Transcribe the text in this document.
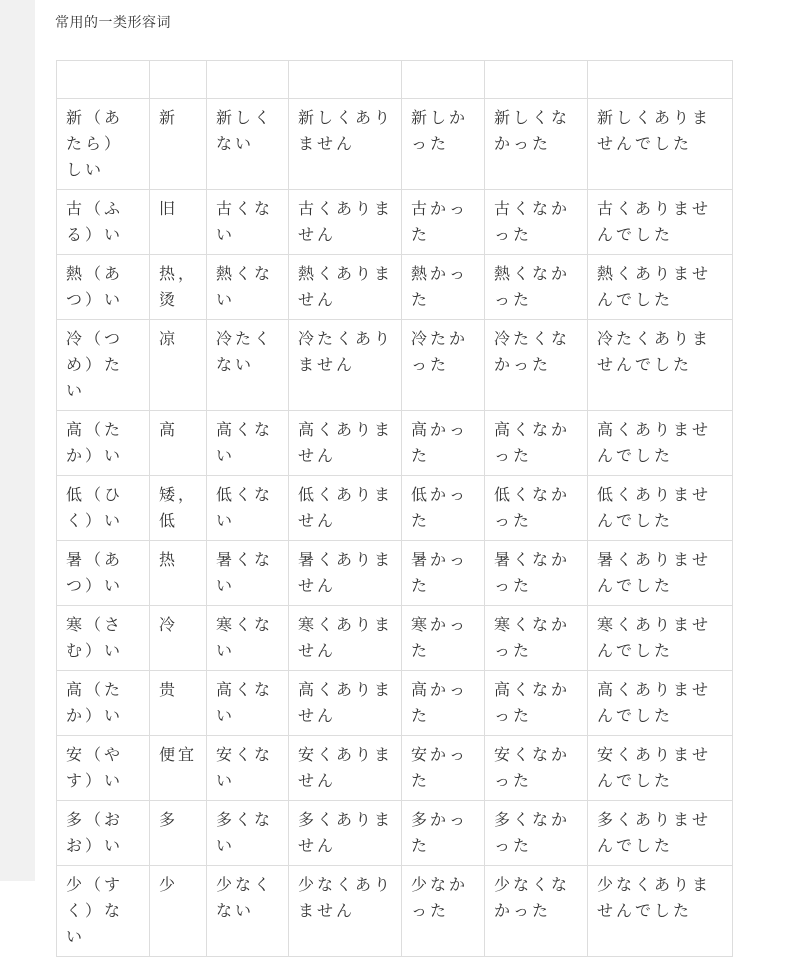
常用的一类形容词

新（あたら）しい	新	新しくない	新しくありません	新しかった	新しくなかった	新しくありませんでした
古（ふる）い	旧	古くない	古くありません	古かった	古くなかった	古くありませんでした
熱（あつ）い	热，烫	熱くない	熱くありません	熱かった	熱くなかった	熱くありませんでした
冷（つめ）たい	凉	冷たくない	冷たくありません	冷たかった	冷たくなかった	冷たくありませんでした
高（たか）い	高	高くない	高くありません	高かった	高くなかった	高くありませんでした
低（ひく）い	矮，低	低くない	低くありません	低かった	低くなかった	低くありませんでした
暑（あつ）い	热	暑くない	暑くありません	暑かった	暑くなかった	暑くありませんでした
寒（さむ）い	冷	寒くない	寒くありません	寒かった	寒くなかった	寒くありませんでした
高（たか）い	贵	高くない	高くありません	高かった	高くなかった	高くありませんでした
安（やす）い	便宜	安くない	安くありません	安かった	安くなかった	安くありませんでした
多（おお）い	多	多くない	多くありません	多かった	多くなかった	多くありませんでした
少（すく）ない	少	少なくない	少なくありません	少なかった	少なくなかった	少なくありませんでした
